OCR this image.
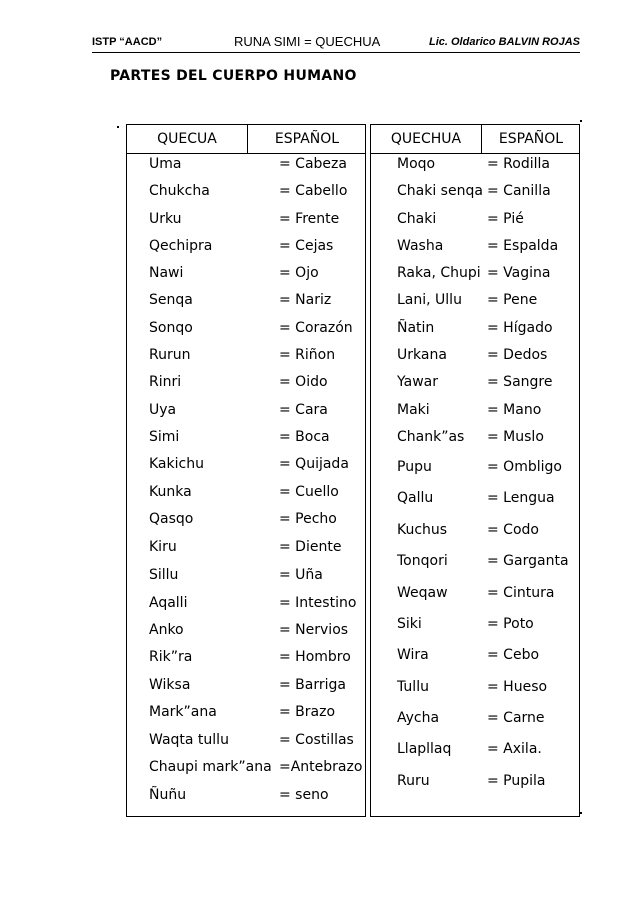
ISTP “AACD”	RUNA SIMI = QUECHUA	Lic. Oldarico BALVIN ROJAS
PARTES DEL CUERPO HUMANO
QUECUA	ESPAÑOL
Uma	= Cabeza
Chukcha	= Cabello
Urku	= Frente
Qechipra	= Cejas
Nawi	= Ojo
Senqa	= Nariz
Sonqo	= Corazón
Rurun	= Riñon
Rinri	= Oido
Uya	= Cara
Simi	= Boca
Kakichu	= Quijada
Kunka	= Cuello
Qasqo	= Pecho
Kiru	= Diente
Sillu	= Uña
Aqalli	= Intestino
Anko	= Nervios
Rik”ra	= Hombro
Wiksa	= Barriga
Mark”ana	= Brazo
Waqta tullu	= Costillas
Chaupi mark”ana =Antebrazo
Ñuñu	= seno
QUECHUA	ESPAÑOL
Moqo	= Rodilla
Chaki senqa = Canilla
Chaki	= Pié
Washa	= Espalda
Raka, Chupi = Vagina
Lani, Ullu = Pene
Ñatin	= Hígado
Urkana	= Dedos
Yawar	= Sangre
Maki	= Mano
Chank”as = Muslo
Pupu	= Ombligo
Qallu	= Lengua
Kuchus	= Codo
Tonqori	= Garganta
Weqaw	= Cintura
Siki	= Poto
Wira	= Cebo
Tullu	= Hueso
Aycha	= Carne
Llapllaq	= Axila.
Ruru	= Pupila
